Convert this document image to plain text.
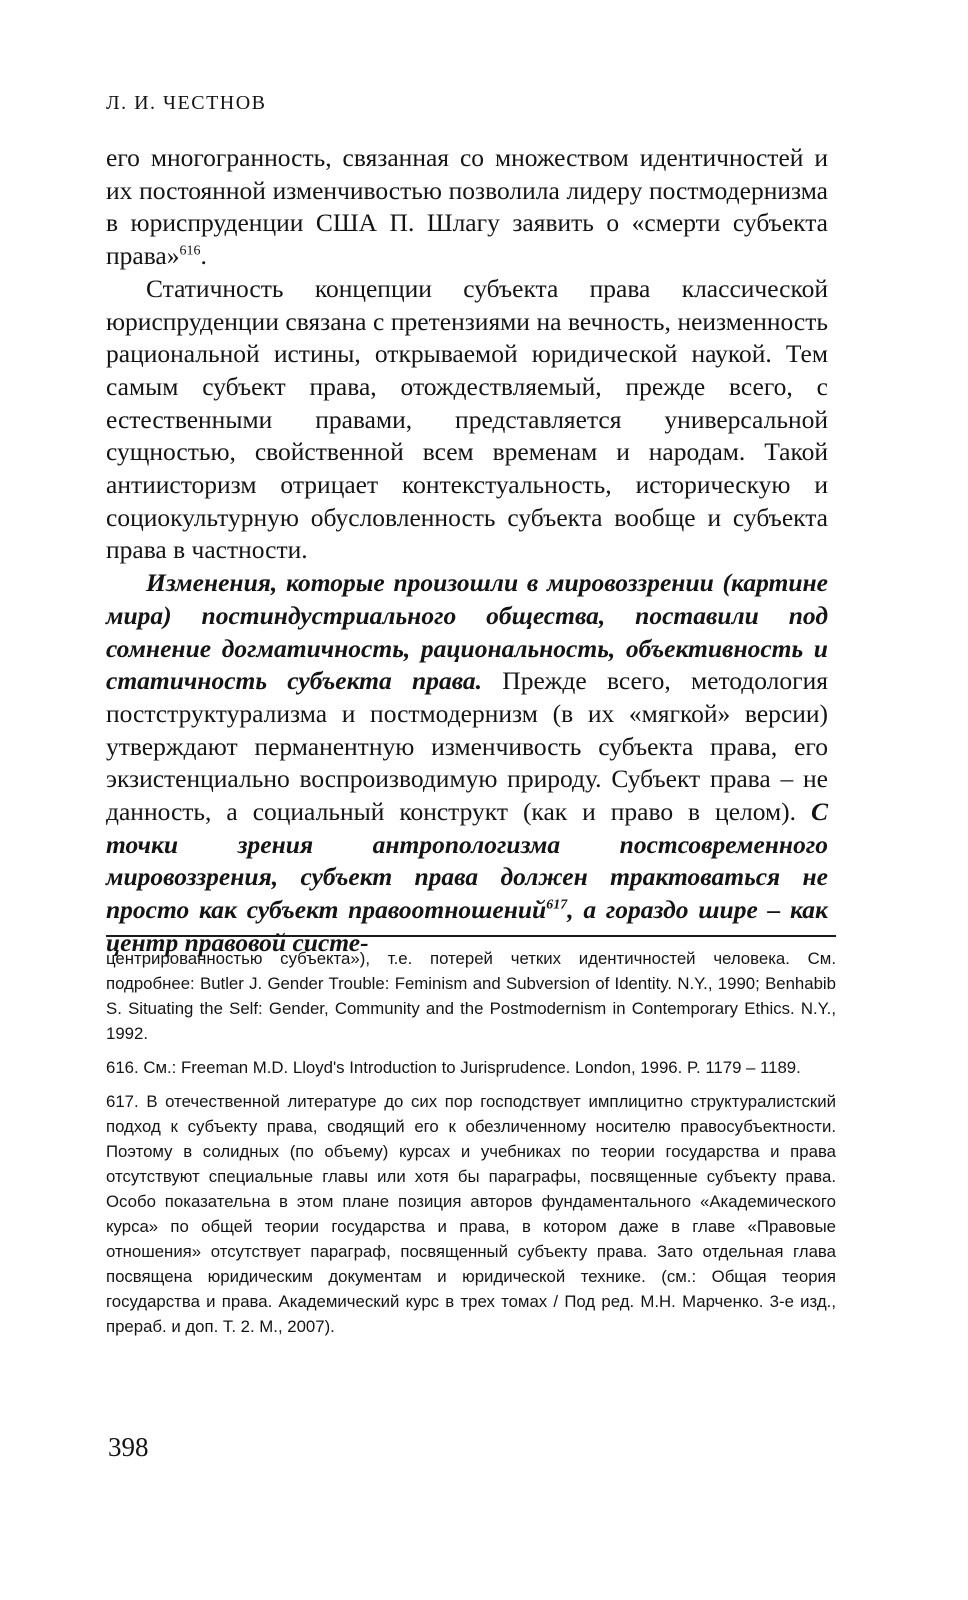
Л. И. ЧЕСТНОВ

его многогранность, связанная со множеством идентичностей и их постоянной изменчивостью позволила лидеру постмодернизма в юриспруденции США П. Шлагу заявить о «смерти субъекта права»$^{616}$.

Статичность концепции субъекта права классической юриспруденции связана с претензиями на вечность, неизменность рациональной истины, открываемой юридической наукой. Тем самым субъект права, отождествляемый, прежде всего, с естественными правами, представляется универсальной сущностью, свойственной всем временам и народам. Такой антиисторизм отрицает контекстуальность, историческую и социокультурную обусловленность субъекта вообще и субъекта права в частности.

Изменения, которые произошли в мировоззрении (картине мира) постиндустриального общества, поставили под сомнение догматичность, рациональность, объективность и статичность субъекта права. Прежде всего, методология постструктурализма и постмодернизм (в их «мягкой» версии) утверждают перманентную изменчивость субъекта права, его экзистенциально воспроизводимую природу. Субъект права – не данность, а социальный конструкт (как и право в целом). С точки зрения антропологизма постсовременного мировоззрения, субъект права должен трактоваться не просто как субъект правоотношений$^{617}$, а гораздо шире – как центр правовой систе-

центрированностью субъекта»), т.е. потерей четких идентичностей человека. См. подробнее: Butler J. Gender Trouble: Feminism and Subversion of Identity. N.Y., 1990; Benhabib S. Situating the Self: Gender, Community and the Postmodernism in Contemporary Ethics. N.Y., 1992.

616. См.: Freeman M.D. Lloyd's Introduction to Jurisprudence. London, 1996. P. 1179 – 1189.

617. В отечественной литературе до сих пор господствует имплицитно структуралистский подход к субъекту права, сводящий его к обезличенному носителю правосубъектности. Поэтому в солидных (по объему) курсах и учебниках по теории государства и права отсутствуют специальные главы или хотя бы параграфы, посвященные субъекту права. Особо показательна в этом плане позиция авторов фундаментального «Академического курса» по общей теории государства и права, в котором даже в главе «Правовые отношения» отсутствует параграф, посвященный субъекту права. Зато отдельная глава посвящена юридическим документам и юридической технике. (см.: Общая теория государства и права. Академический курс в трех томах / Под ред. М.Н. Марченко. 3-е изд., прераб. и доп. Т. 2. М., 2007).

398
